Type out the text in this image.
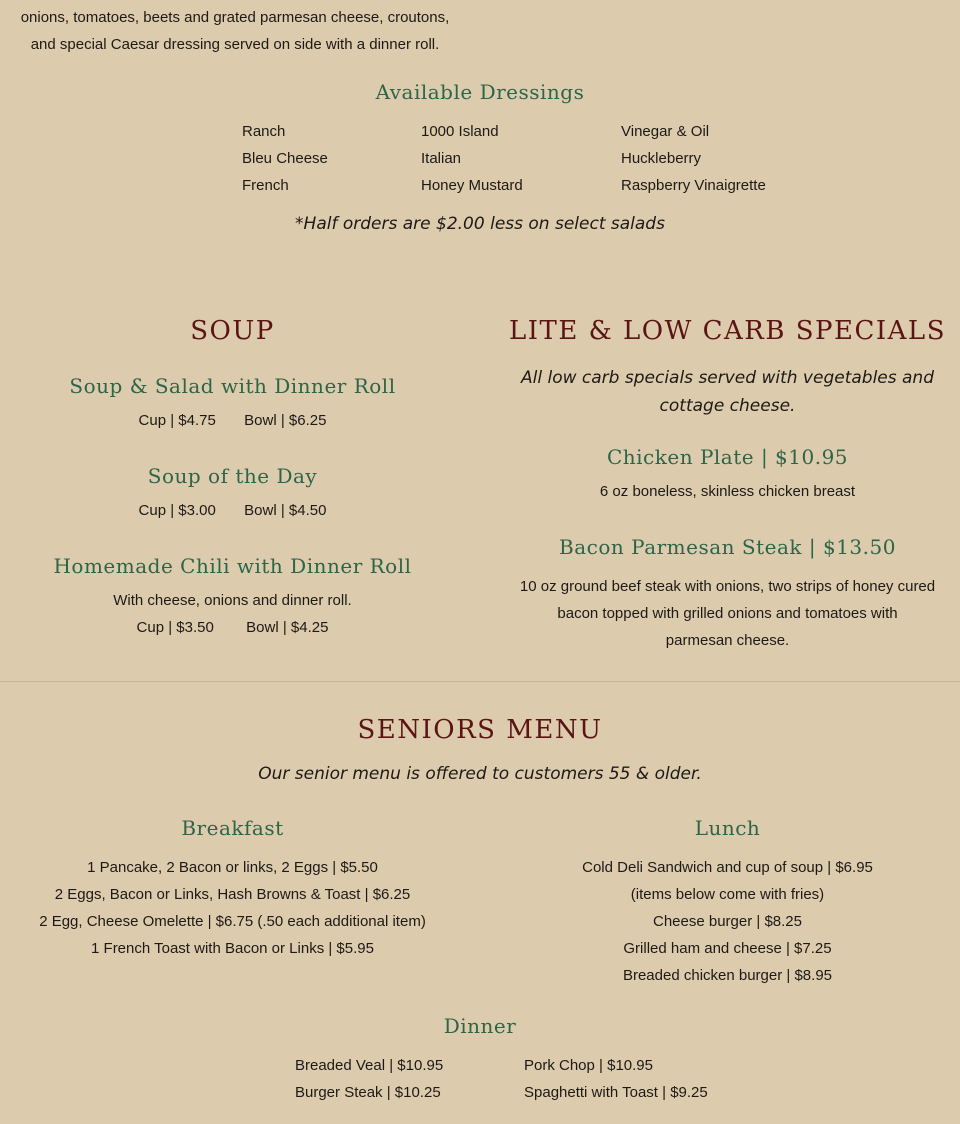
onions, tomatoes, beets and grated parmesan cheese, croutons,
and special Caesar dressing served on side with a dinner roll.
Available Dressings
Ranch
Bleu Cheese
French
1000 Island
Italian
Honey Mustard
Vinegar & Oil
Huckleberry
Raspberry Vinaigrette
*Half orders are $2.00 less on select salads
SOUP
Soup & Salad with Dinner Roll
Cup | $4.75 Bowl | $6.25
Soup of the Day
Cup | $3.00 Bowl | $4.50
Homemade Chili with Dinner Roll
With cheese, onions and dinner roll.
Cup | $3.50 Bowl | $4.25
LITE & LOW CARB SPECIALS
All low carb specials served with vegetables and cottage cheese.
Chicken Plate | $10.95
6 oz boneless, skinless chicken breast
Bacon Parmesan Steak | $13.50
10 oz ground beef steak with onions, two strips of honey cured
bacon topped with grilled onions and tomatoes with
parmesan cheese.
SENIORS MENU
Our senior menu is offered to customers 55 & older.
Breakfast
1 Pancake, 2 Bacon or links, 2 Eggs | $5.50
2 Eggs, Bacon or Links, Hash Browns & Toast | $6.25
2 Egg, Cheese Omelette | $6.75 (.50 each additional item)
1 French Toast with Bacon or Links | $5.95
Lunch
Cold Deli Sandwich and cup of soup | $6.95
(items below come with fries)
Cheese burger | $8.25
Grilled ham and cheese | $7.25
Breaded chicken burger | $8.95
Dinner
Breaded Veal | $10.95
Burger Steak | $10.25
Pork Chop | $10.95
Spaghetti with Toast | $9.25
